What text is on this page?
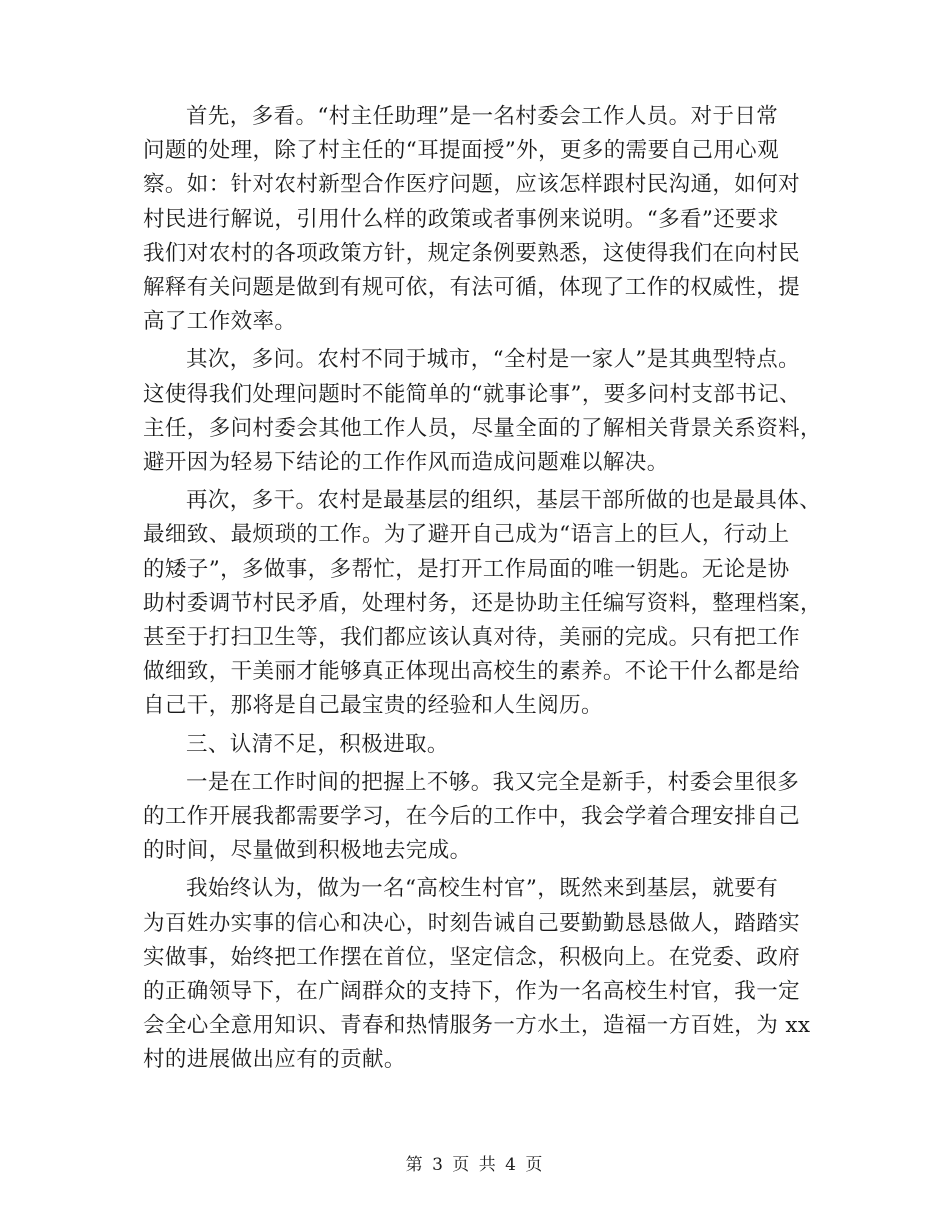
首先，多看。“村主任助理”是一名村委会工作人员。对于日常
问题的处理，除了村主任的“耳提面授”外，更多的需要自己用心观
察。如：针对农村新型合作医疗问题，应该怎样跟村民沟通，如何对
村民进行解说，引用什么样的政策或者事例来说明。“多看”还要求
我们对农村的各项政策方针，规定条例要熟悉，这使得我们在向村民
解释有关问题是做到有规可依，有法可循，体现了工作的权威性，提
高了工作效率。

其次，多问。农村不同于城市，“全村是一家人”是其典型特点。
这使得我们处理问题时不能简单的“就事论事”，要多问村支部书记、
主任，多问村委会其他工作人员，尽量全面的了解相关背景关系资料，
避开因为轻易下结论的工作作风而造成问题难以解决。

再次，多干。农村是最基层的组织，基层干部所做的也是最具体、
最细致、最烦琐的工作。为了避开自己成为“语言上的巨人，行动上
的矮子”，多做事，多帮忙，是打开工作局面的唯一钥匙。无论是协
助村委调节村民矛盾，处理村务，还是协助主任编写资料，整理档案，
甚至于打扫卫生等，我们都应该认真对待，美丽的完成。只有把工作
做细致，干美丽才能够真正体现出高校生的素养。不论干什么都是给
自己干，那将是自己最宝贵的经验和人生阅历。

三、认清不足，积极进取。

一是在工作时间的把握上不够。我又完全是新手，村委会里很多
的工作开展我都需要学习，在今后的工作中，我会学着合理安排自己
的时间，尽量做到积极地去完成。

我始终认为，做为一名“高校生村官”，既然来到基层，就要有
为百姓办实事的信心和决心，时刻告诫自己要勤勤恳恳做人，踏踏实
实做事，始终把工作摆在首位，坚定信念，积极向上。在党委、政府
的正确领导下，在广阔群众的支持下，作为一名高校生村官，我一定
会全心全意用知识、青春和热情服务一方水土，造福一方百姓，为 xx
村的进展做出应有的贡献。

第 3 页 共 4 页
